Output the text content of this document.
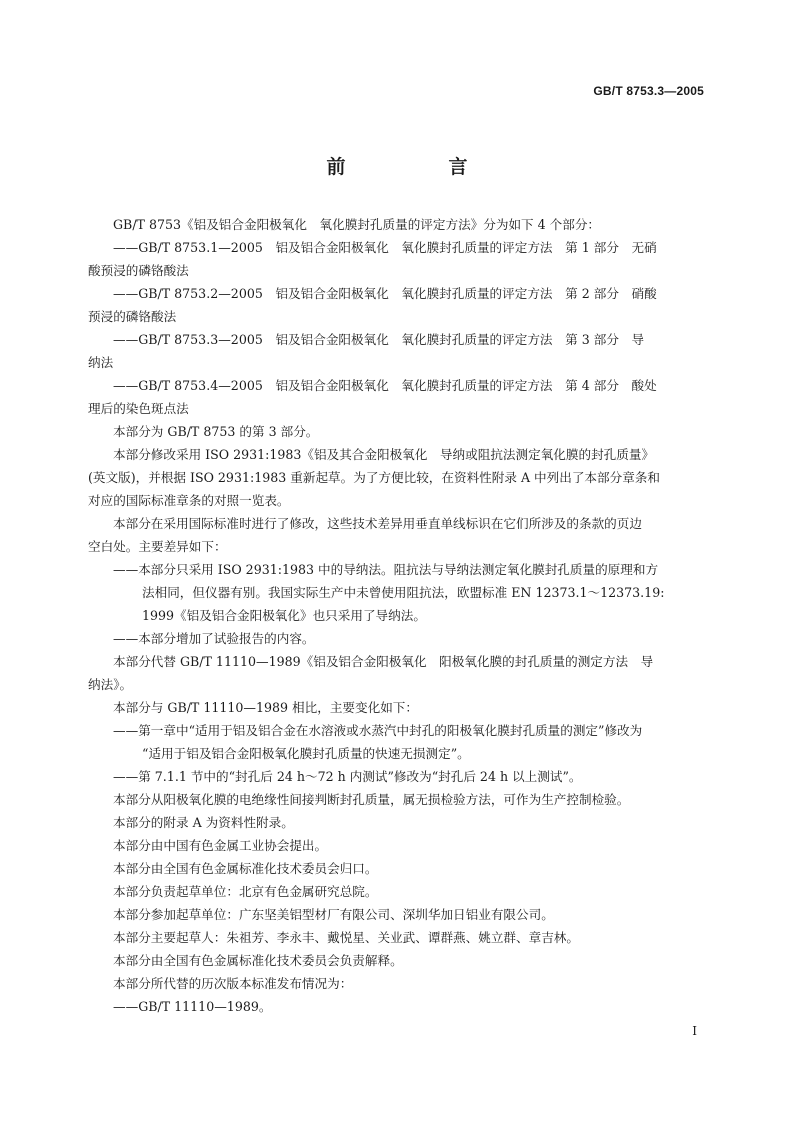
GB/T 8753.3—2005
前　言
GB/T 8753《铝及铝合金阳极氧化　氧化膜封孔质量的评定方法》分为如下 4 个部分：
——GB/T 8753.1—2005　铝及铝合金阳极氧化　氧化膜封孔质量的评定方法　第 1 部分　无硝
酸预浸的磷铬酸法
——GB/T 8753.2—2005　铝及铝合金阳极氧化　氧化膜封孔质量的评定方法　第 2 部分　硝酸
预浸的磷铬酸法
——GB/T 8753.3—2005　铝及铝合金阳极氧化　氧化膜封孔质量的评定方法　第 3 部分　导
纳法
——GB/T 8753.4—2005　铝及铝合金阳极氧化　氧化膜封孔质量的评定方法　第 4 部分　酸处
理后的染色斑点法
本部分为 GB/T 8753 的第 3 部分。
本部分修改采用 ISO 2931:1983《铝及其合金阳极氧化　导纳或阻抗法测定氧化膜的封孔质量》
(英文版)，并根据 ISO 2931:1983 重新起草。为了方便比较，在资料性附录 A 中列出了本部分章条和
对应的国际标准章条的对照一览表。
本部分在采用国际标准时进行了修改，这些技术差异用垂直单线标识在它们所涉及的条款的页边
空白处。主要差异如下：
——本部分只采用 ISO 2931:1983 中的导纳法。阻抗法与导纳法测定氧化膜封孔质量的原理和方
法相同，但仪器有别。我国实际生产中未曾使用阻抗法，欧盟标准 EN 12373.1～12373.19:
1999《铝及铝合金阳极氧化》也只采用了导纳法。
——本部分增加了试验报告的内容。
本部分代替 GB/T 11110—1989《铝及铝合金阳极氧化　阳极氧化膜的封孔质量的测定方法　导
纳法》。
本部分与 GB/T 11110—1989 相比，主要变化如下：
——第一章中“适用于铝及铝合金在水溶液或水蒸汽中封孔的阳极氧化膜封孔质量的测定”修改为
“适用于铝及铝合金阳极氧化膜封孔质量的快速无损测定”。
——第 7.1.1 节中的“封孔后 24 h～72 h 内测试”修改为“封孔后 24 h 以上测试”。
本部分从阳极氧化膜的电绝缘性间接判断封孔质量，属无损检验方法，可作为生产控制检验。
本部分的附录 A 为资料性附录。
本部分由中国有色金属工业协会提出。
本部分由全国有色金属标准化技术委员会归口。
本部分负责起草单位：北京有色金属研究总院。
本部分参加起草单位：广东坚美铝型材厂有限公司、深圳华加日铝业有限公司。
本部分主要起草人：朱祖芳、李永丰、戴悦星、关业武、谭群燕、姚立群、章吉林。
本部分由全国有色金属标准化技术委员会负责解释。
本部分所代替的历次版本标准发布情况为：
——GB/T 11110—1989。
I
